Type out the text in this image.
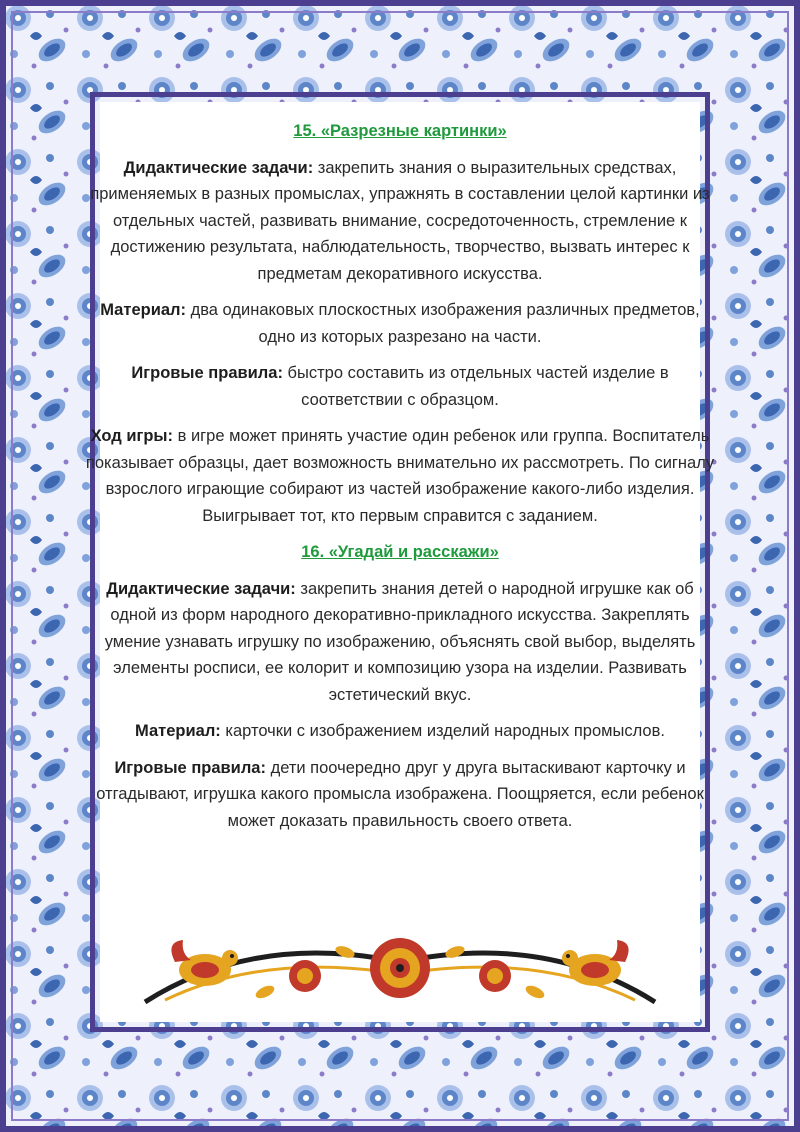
15. «Разрезные картинки»

Дидактические задачи: закрепить знания о выразительных средствах, применяемых в разных промыслах, упражнять в составлении целой картинки из отдельных частей, развивать внимание, сосредоточенность, стремление к достижению результата, наблюдательность, творчество, вызвать интерес к предметам декоративного искусства.

Материал: два одинаковых плоскостных изображения различных предметов, одно из которых разрезано на части.

Игровые правила: быстро составить из отдельных частей изделие в соответствии с образцом.

Ход игры: в игре может принять участие один ребенок или группа. Воспитатель показывает образцы, дает возможность внимательно их рассмотреть. По сигналу взрослого играющие собирают из частей изображение какого-либо изделия. Выигрывает тот, кто первым справится с заданием.

16. «Угадай и расскажи»

Дидактические задачи: закрепить знания детей о народной игрушке как об одной из форм народного декоративно-прикладного искусства. Закреплять умение узнавать игрушку по изображению, объяснять свой выбор, выделять элементы росписи, ее колорит и композицию узора на изделии. Развивать эстетический вкус.

Материал: карточки с изображением изделий народных промыслов.

Игровые правила: дети поочередно друг у друга вытаскивают карточку и отгадывают, игрушка какого промысла изображена. Поощряется, если ребенок может доказать правильность своего ответа.
